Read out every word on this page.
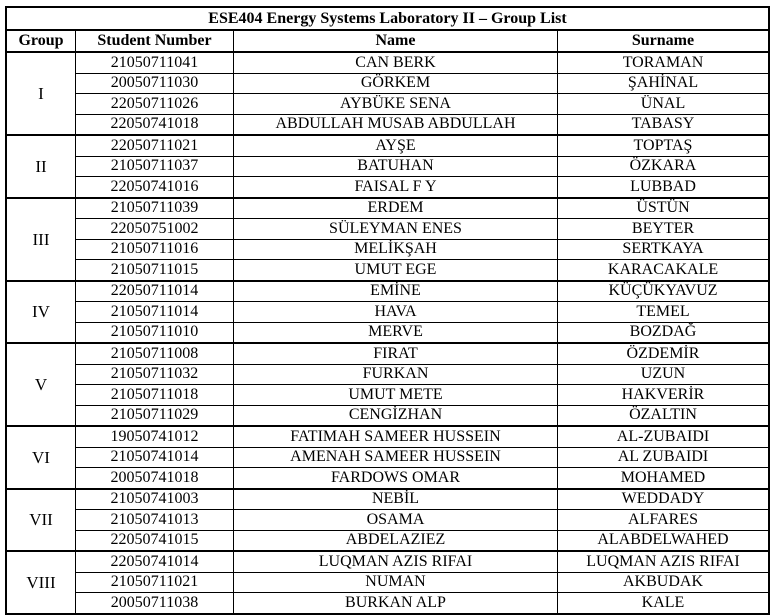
ESE404 Energy Systems Laboratory II – Group List			
Group	Student Number	Name	Surname
I	21050711041	CAN BERK	TORAMAN
	20050711030	GÖRKEM	ŞAHİNAL
	22050711026	AYBÜKE SENA	ÜNAL
	22050741018	ABDULLAH MUSAB ABDULLAH	TABASY
II	22050711021	AYŞE	TOPTAŞ
	21050711037	BATUHAN	ÖZKARA
	22050741016	FAISAL F Y	LUBBAD
III	21050711039	ERDEM	ÜSTÜN
	22050751002	SÜLEYMAN ENES	BEYTER
	21050711016	MELİKŞAH	SERTKAYA
	21050711015	UMUT EGE	KARACAKALE
IV	22050711014	EMİNE	KÜÇÜKYAVUZ
	21050711014	HAVA	TEMEL
	21050711010	MERVE	BOZDAĞ
V	21050711008	FIRAT	ÖZDEMİR
	21050711032	FURKAN	UZUN
	21050711018	UMUT METE	HAKVERİR
	21050711029	CENGİZHAN	ÖZALTIN
VI	19050741012	FATIMAH SAMEER HUSSEIN	AL-ZUBAIDI
	21050741014	AMENAH SAMEER HUSSEIN	AL ZUBAIDI
	20050741018	FARDOWS OMAR	MOHAMED
VII	21050741003	NEBİL	WEDDADY
	21050741013	OSAMA	ALFARES
	22050741015	ABDELAZIEZ	ALABDELWAHED
VIII	22050741014	LUQMAN AZIS RIFAI	LUQMAN AZIS RIFAI
	21050711021	NUMAN	AKBUDAK
	20050711038	BURKAN ALP	KALE
